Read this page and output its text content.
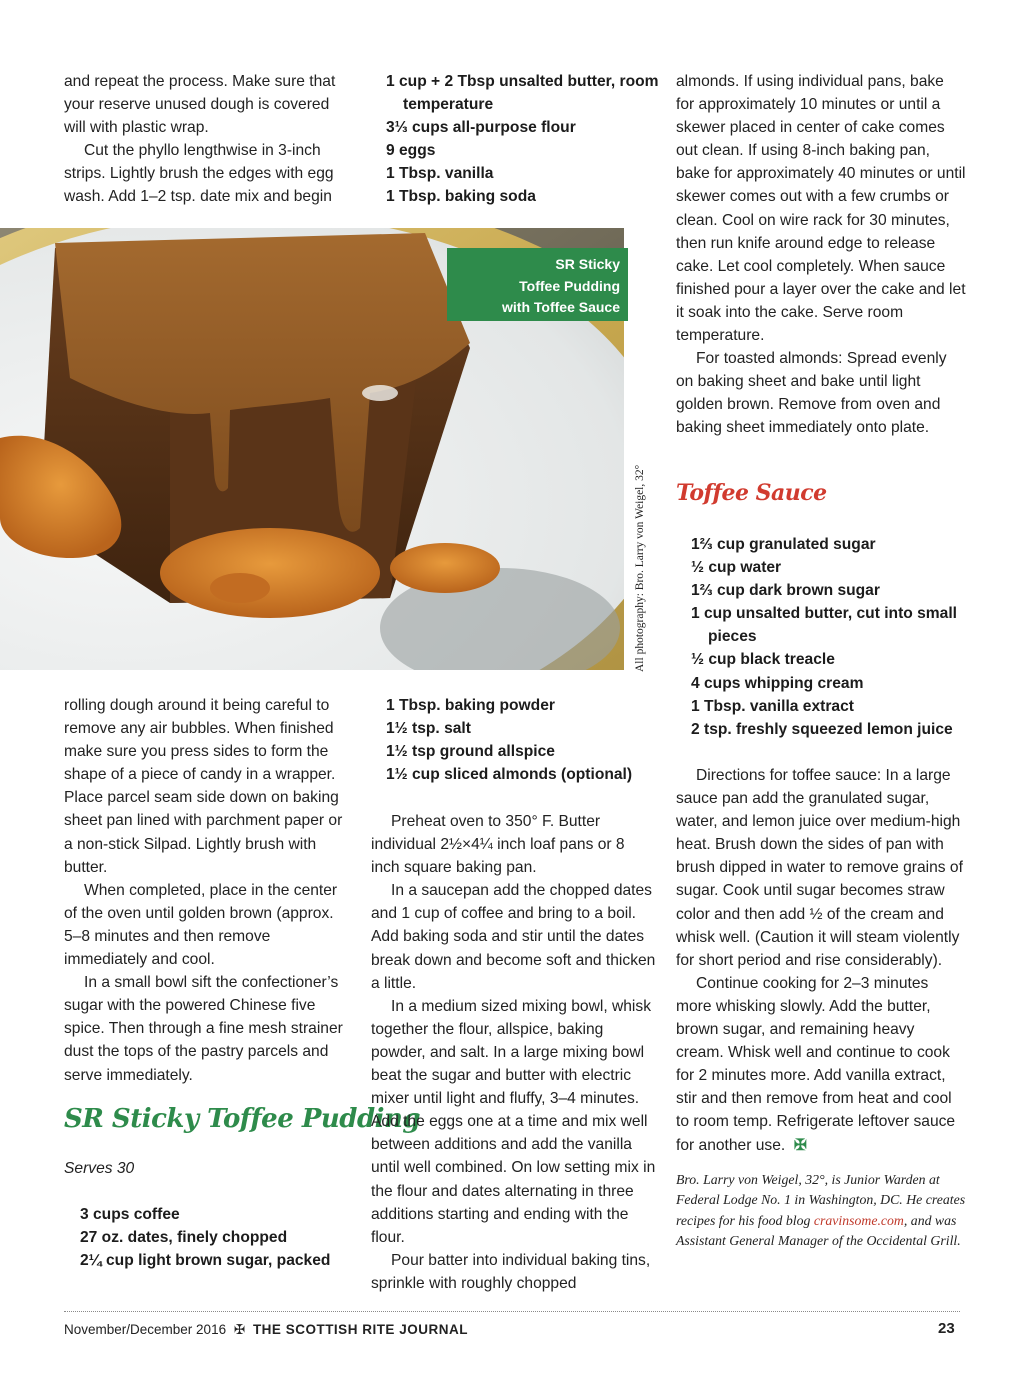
and repeat the process. Make sure that your reserve unused dough is covered will with plastic wrap.

Cut the phyllo lengthwise in 3-inch strips. Lightly brush the edges with egg wash. Add 1–2 tsp. date mix and begin

1 cup + 2 Tbsp unsalted butter, room temperature
3⅓ cups all-purpose flour
9 eggs
1 Tbsp. vanilla
1 Tbsp. baking soda
SR Sticky
Toffee Pudding
with Toffee Sauce
All photography: Bro. Larry von Weigel, 32°

almonds. If using individual pans, bake for approximately 10 minutes or until a skewer placed in center of cake comes out clean. If using 8-inch baking pan, bake for approximately 40 minutes or until skewer comes out with a few crumbs or clean. Cool on wire rack for 30 minutes, then run knife around edge to release cake. Let cool completely. When sauce finished pour a layer over the cake and let it soak into the cake. Serve room temperature.

For toasted almonds: Spread evenly on baking sheet and bake until light golden brown. Remove from oven and baking sheet immediately onto plate.

Toffee Sauce
1⅔ cup granulated sugar
½ cup water
1⅔ cup dark brown sugar
1 cup unsalted butter, cut into small pieces
½ cup black treacle
4 cups whipping cream
1 Tbsp. vanilla extract
2 tsp. freshly squeezed lemon juice

Directions for toffee sauce: In a large sauce pan add the granulated sugar, water, and lemon juice over medium-high heat. Brush down the sides of pan with brush dipped in water to remove grains of sugar. Cook until sugar becomes straw color and then add ½ of the cream and whisk well. (Caution it will steam violently for short period and rise considerably).

Continue cooking for 2–3 minutes more whisking slowly. Add the butter, brown sugar, and remaining heavy cream. Whisk well and continue to cook for 2 minutes more. Add vanilla extract, stir and then remove from heat and cool to room temp. Refrigerate leftover sauce for another use. ✠

Bro. Larry von Weigel, 32°, is Junior Warden at Federal Lodge No. 1 in Washington, DC. He creates recipes for his food blog cravinsome.com, and was Assistant General Manager of the Occidental Grill.

rolling dough around it being careful to remove any air bubbles. When finished make sure you press sides to form the shape of a piece of candy in a wrapper. Place parcel seam side down on baking sheet pan lined with parchment paper or a non-stick Silpad. Lightly brush with butter.

When completed, place in the center of the oven until golden brown (approx. 5–8 minutes and then remove immediately and cool.

In a small bowl sift the confectioner’s sugar with the powered Chinese five spice. Then through a fine mesh strainer dust the tops of the pastry parcels and serve immediately.

SR Sticky Toffee Pudding
Serves 30
3 cups coffee
27 oz. dates, finely chopped
2¼ cup light brown sugar, packed
1 Tbsp. baking powder
1½ tsp. salt
1½ tsp ground allspice
1½ cup sliced almonds (optional)

Preheat oven to 350° F. Butter individual 2½×4¼ inch loaf pans or 8 inch square baking pan.

In a saucepan add the chopped dates and 1 cup of coffee and bring to a boil. Add baking soda and stir until the dates break down and become soft and thicken a little.

In a medium sized mixing bowl, whisk together the flour, allspice, baking powder, and salt. In a large mixing bowl beat the sugar and butter with electric mixer until light and fluffy, 3–4 minutes. Add the eggs one at a time and mix well between additions and add the vanilla until well combined. On low setting mix in the flour and dates alternating in three additions starting and ending with the flour.

Pour batter into individual baking tins, sprinkle with roughly chopped

November/December 2016 ✠ THE SCOTTISH RITE JOURNAL	23
